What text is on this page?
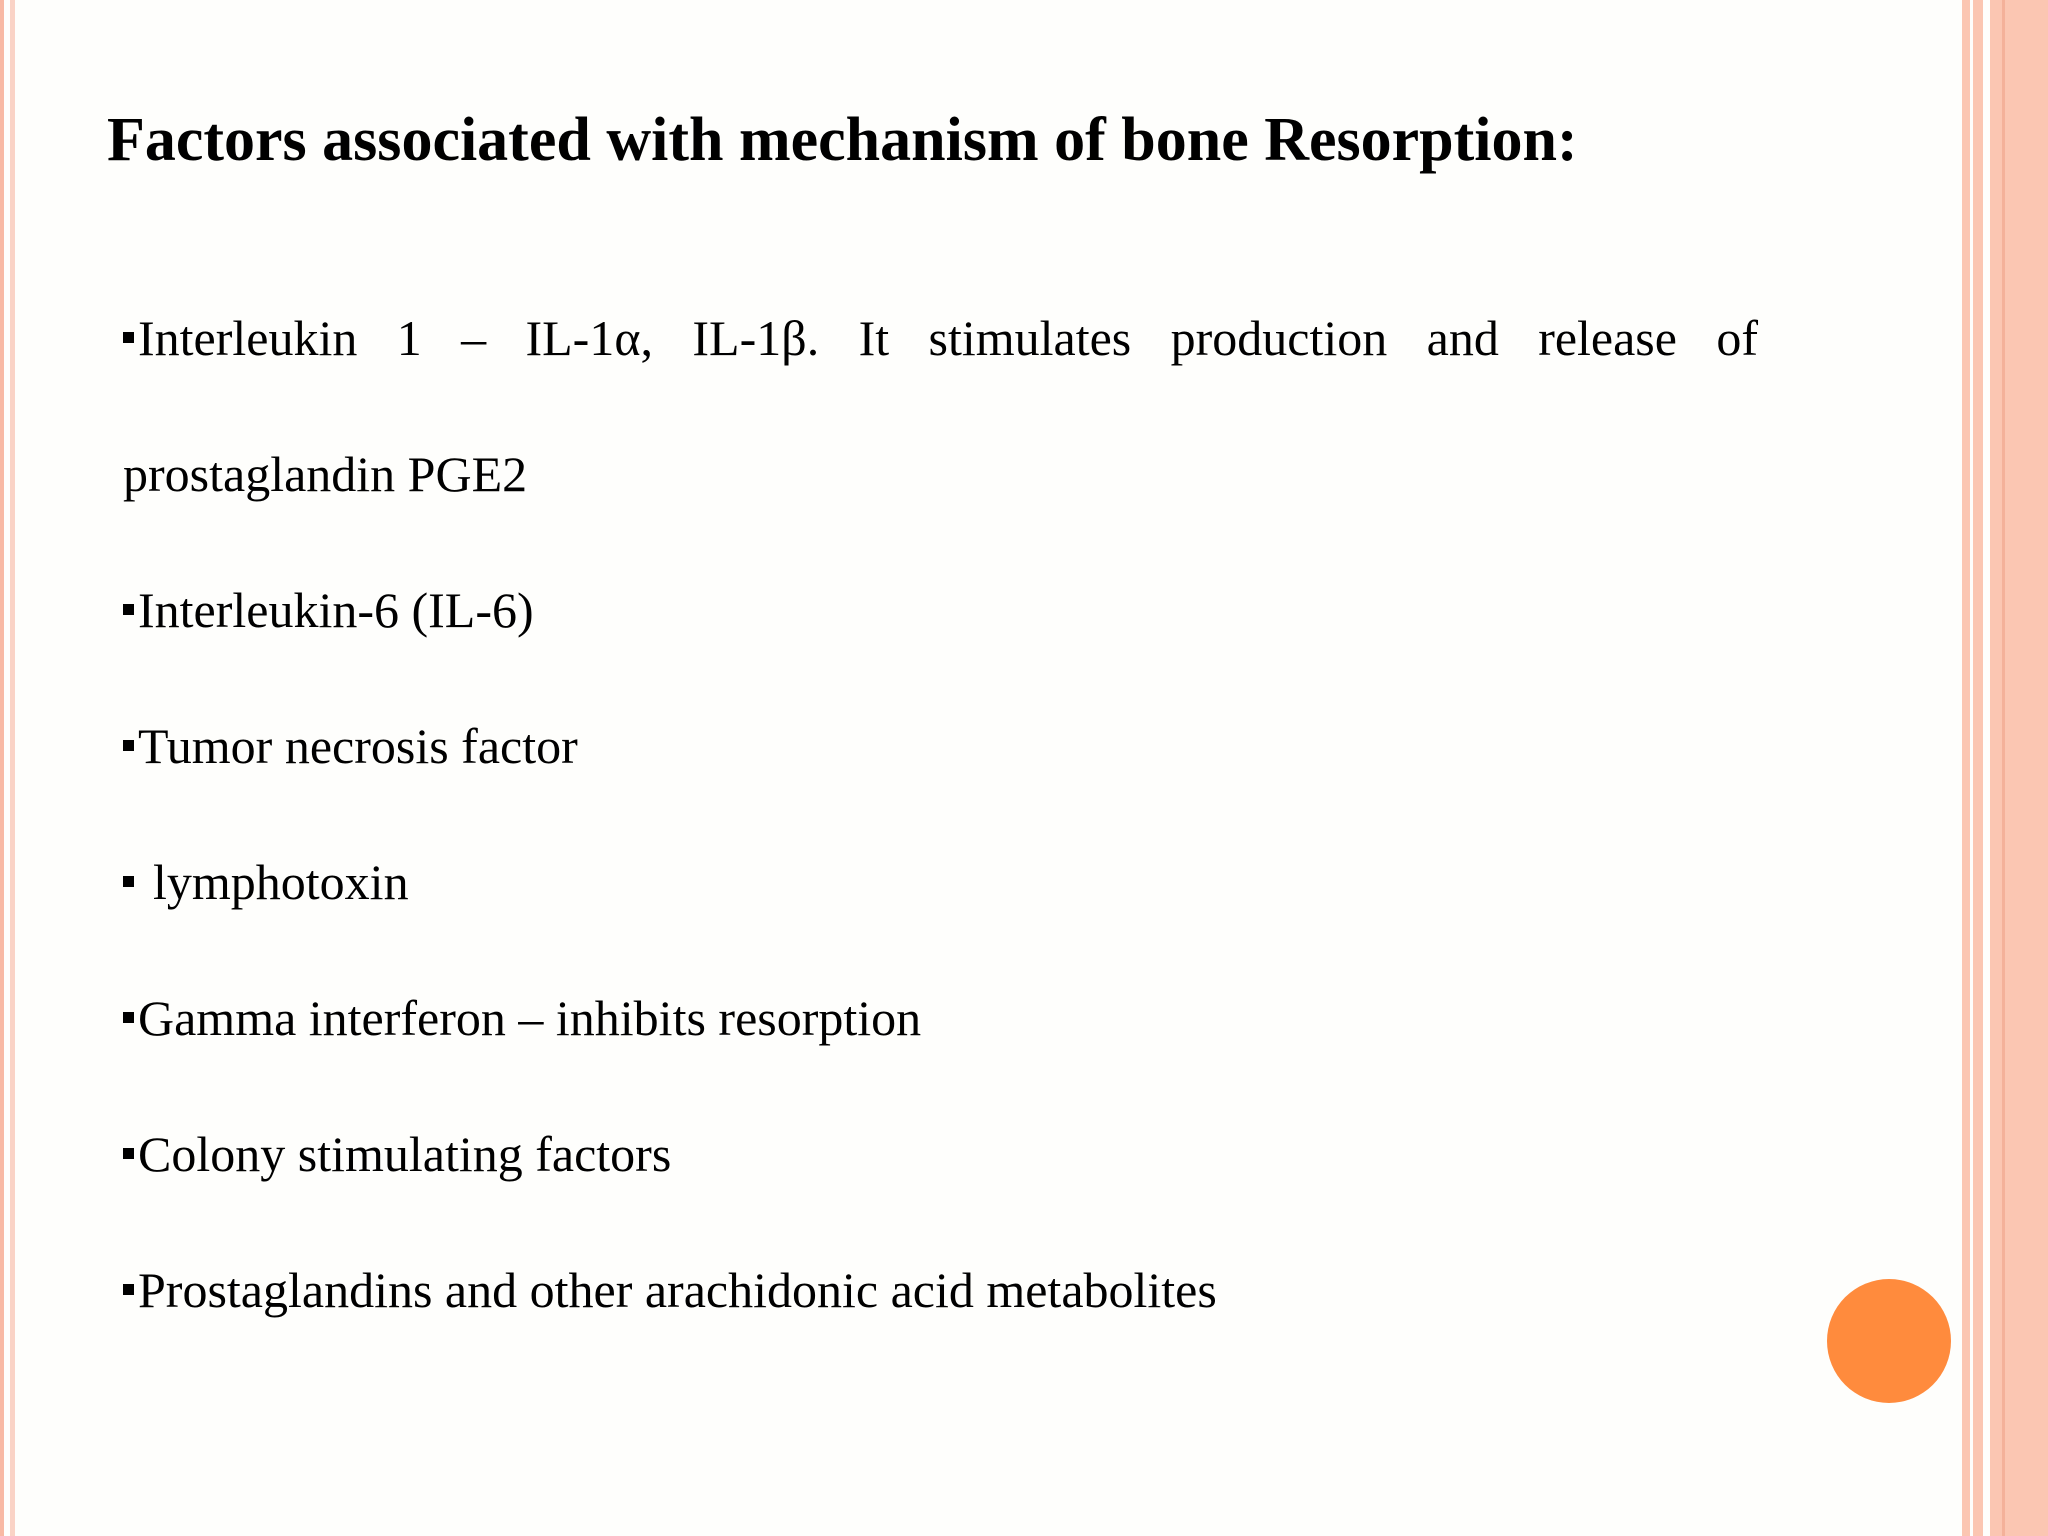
Factors associated with mechanism of bone Resorption:
Interleukin 1 – IL-1α, IL-1β. It stimulates production and release of prostaglandin PGE2
Interleukin-6 (IL-6)
Tumor necrosis factor
lymphotoxin
Gamma interferon – inhibits resorption
Colony stimulating factors
Prostaglandins and other arachidonic acid metabolites
